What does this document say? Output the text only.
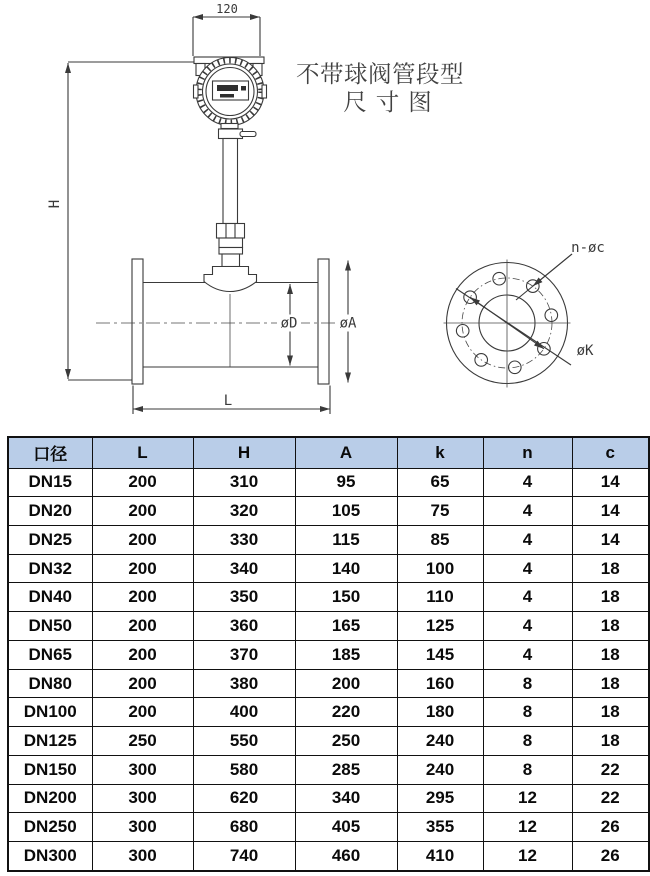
120
H
øD	øA
L
n-øc
øK
不带球阀管段型
尺寸图
口径	L	H	A	k	n	c
DN15	200	310	95	65	4	14
DN20	200	320	105	75	4	14
DN25	200	330	115	85	4	14
DN32	200	340	140	100	4	18
DN40	200	350	150	110	4	18
DN50	200	360	165	125	4	18
DN65	200	370	185	145	4	18
DN80	200	380	200	160	8	18
DN100	200	400	220	180	8	18
DN125	250	550	250	240	8	18
DN150	300	580	285	240	8	22
DN200	300	620	340	295	12	22
DN250	300	680	405	355	12	26
DN300	300	740	460	410	12	26
